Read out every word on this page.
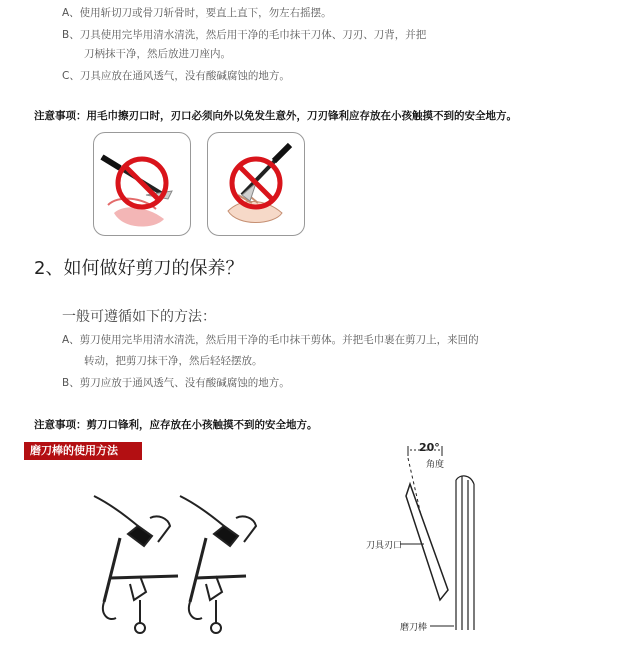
A、使用斩切刀或骨刀斩骨时，要直上直下，勿左右摇摆。
B、刀具使用完毕用清水清洗，然后用干净的毛巾抹干刀体、刀刃、刀背，并把
刀柄抹干净，然后放进刀座内。
C、刀具应放在通风透气，没有酸碱腐蚀的地方。
注意事项：用毛巾擦刃口时，刃口必须向外以免发生意外，刀刃锋利应存放在小孩触摸不到的安全地方。
2、如何做好剪刀的保养？
一般可遵循如下的方法：
A、剪刀使用完毕用清水清洗，然后用干净的毛巾抹干剪体。并把毛巾裹在剪刀上，来回的
转动，把剪刀抹干净，然后轻轻摆放。
B、剪刀应放于通风透气、没有酸碱腐蚀的地方。
注意事项：剪刀口锋利，应存放在小孩触摸不到的安全地方。
磨刀棒的使用方法	20°
角度
刀具刃口
磨刀棒
